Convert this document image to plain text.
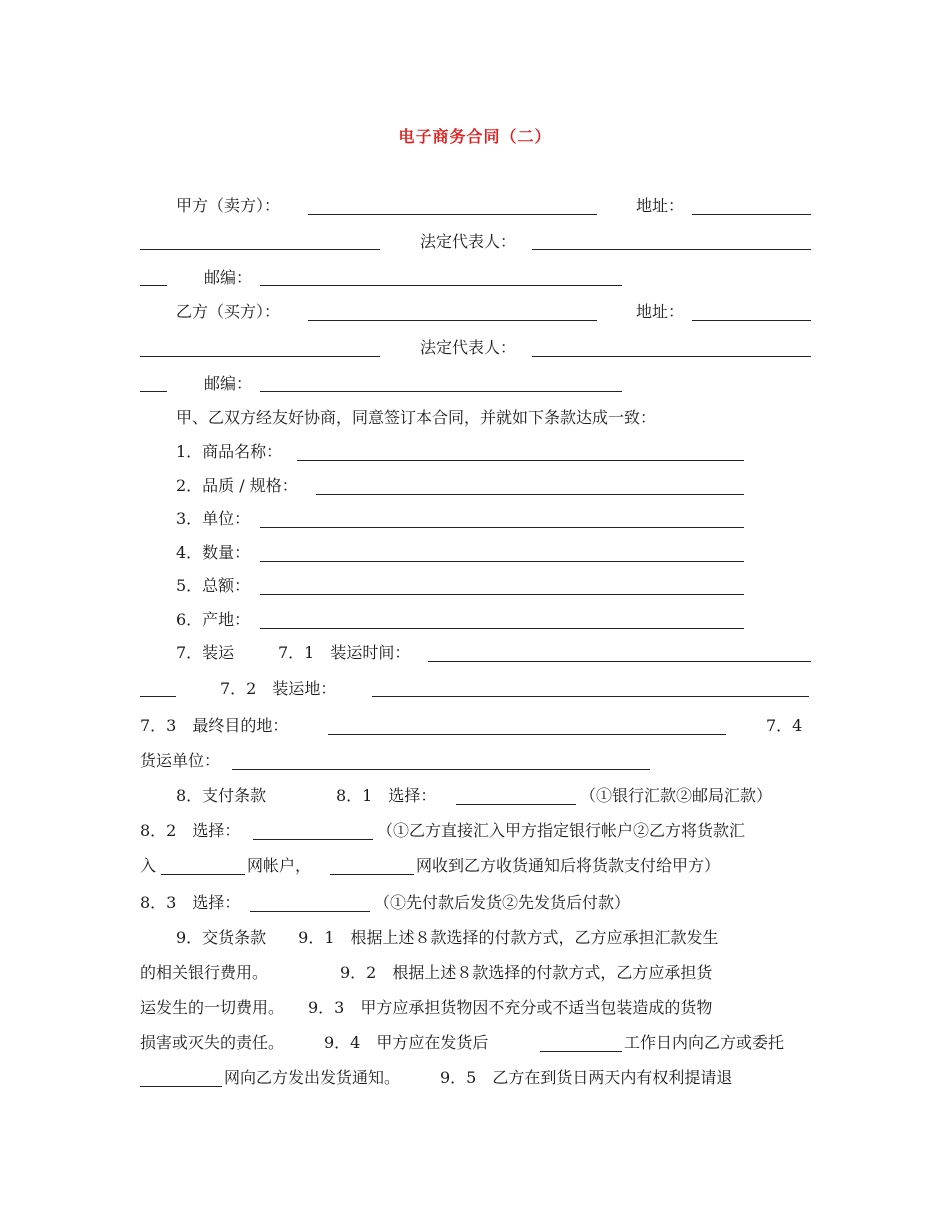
电子商务合同（二）
甲方（卖方）：	地址：
法定代表人：
邮编：
乙方（买方）：	地址：
法定代表人：
邮编：
甲、乙双方经友好协商，同意签订本合同，并就如下条款达成一致：
1．商品名称：
2．品质 / 规格：
3．单位：
4．数量：
5．总额：
6．产地：
7．装运	7．1　装运时间：
7．2　装运地：
7．3　最终目的地：	7．4
货运单位：
8．支付条款	8．1　选择：	（①银行汇款②邮局汇款）
8．2　选择：	（①乙方直接汇入甲方指定银行帐户②乙方将货款汇
入	网帐户，	网收到乙方收货通知后将货款支付给甲方）
8．3　选择：	（①先付款后发货②先发货后付款）
9．交货条款　　9．1　根据上述８款选择的付款方式，乙方应承担汇款发生
的相关银行费用。　　　　　9．2　根据上述８款选择的付款方式，乙方应承担货
运发生的一切费用。　　9．3　甲方应承担货物因不充分或不适当包装造成的货物
损害或灭失的责任。　　　9．4　甲方应在发货后	工作日内向乙方或委托
网向乙方发出发货通知。　　　9．5　乙方在到货日两天内有权利提请退
